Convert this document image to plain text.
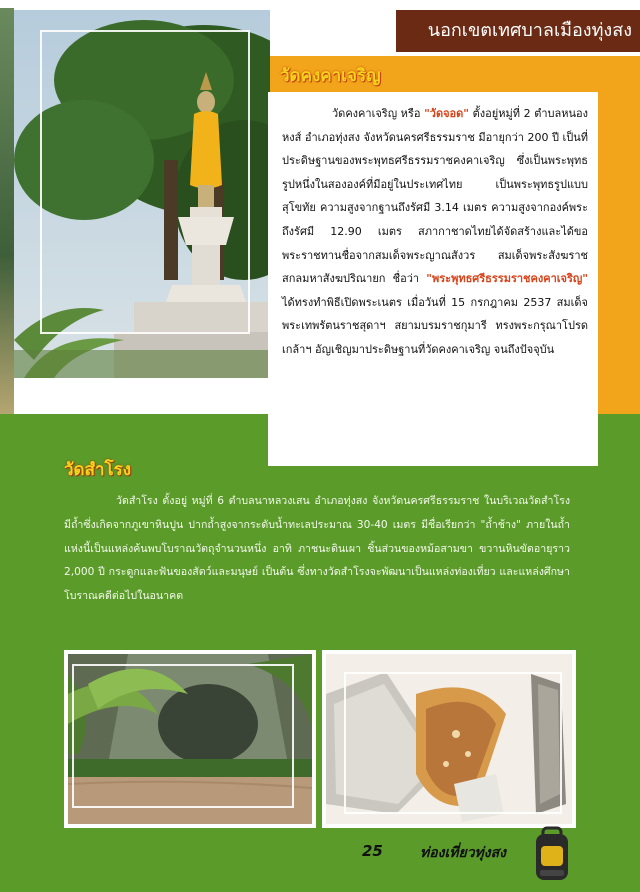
นอกเขตเทศบาลเมืองทุ่งสง
วัดคงคาเจริญ
วัดคงคาเจริญ หรือ "วัดจอด" ตั้งอยู่หมู่ที่ 2 ตำบลหนองหงส์ อำเภอทุ่งสง จังหวัดนครศรีธรรมราช มีอายุกว่า 200 ปี เป็นที่ประดิษฐานของพระพุทธศรีธรรมราชคงคาเจริญ ซึ่งเป็นพระพุทธรูปหนึ่งในสององค์ที่มีอยู่ในประเทศไทย เป็นพระพุทธรูปแบบสุโขทัย ความสูงจากฐานถึงรัศมี 3.14 เมตร ความสูงจากองค์พระถึงรัศมี 12.90 เมตร สภากาชาดไทยได้จัดสร้างและได้ขอพระราชทานชื่อจากสมเด็จพระญาณสังวร สมเด็จพระสังฆราช สกลมหาสังฆปริณายก ชื่อว่า "พระพุทธศรีธรรมราชคงคาเจริญ" ได้ทรงทำพิธีเปิดพระเนตร เมื่อวันที่ 15 กรกฎาคม 2537 สมเด็จพระเทพรัตนราชสุดาฯ สยามบรมราชกุมารี ทรงพระกรุณาโปรดเกล้าฯ อัญเชิญมาประดิษฐานที่วัดคงคาเจริญ จนถึงปัจจุบัน
วัดสำโรง
วัดสำโรง ตั้งอยู่ หมู่ที่ 6 ตำบลนาหลวงเสน อำเภอทุ่งสง จังหวัดนครศรีธรรมราช ในบริเวณวัดสำโรง มีถ้ำซึ่งเกิดจากภูเขาหินปูน ปากถ้ำสูงจากระดับน้ำทะเลประมาณ 30-40 เมตร มีชื่อเรียกว่า "ถ้ำช้าง" ภายในถ้ำแห่งนี้เป็นแหล่งค้นพบโบราณวัตถุจำนวนหนึ่ง อาทิ ภาชนะดินเผา ชิ้นส่วนของหม้อสามขา ขวานหินขัดอายุราว 2,000 ปี กระดูกและฟันของสัตว์และมนุษย์ เป็นต้น ซึ่งทางวัดสำโรงจะพัฒนาเป็นแหล่งท่องเที่ยว และแหล่งศึกษาโบราณคดีต่อไปในอนาคต
25	ท่องเที่ยวทุ่งสง
